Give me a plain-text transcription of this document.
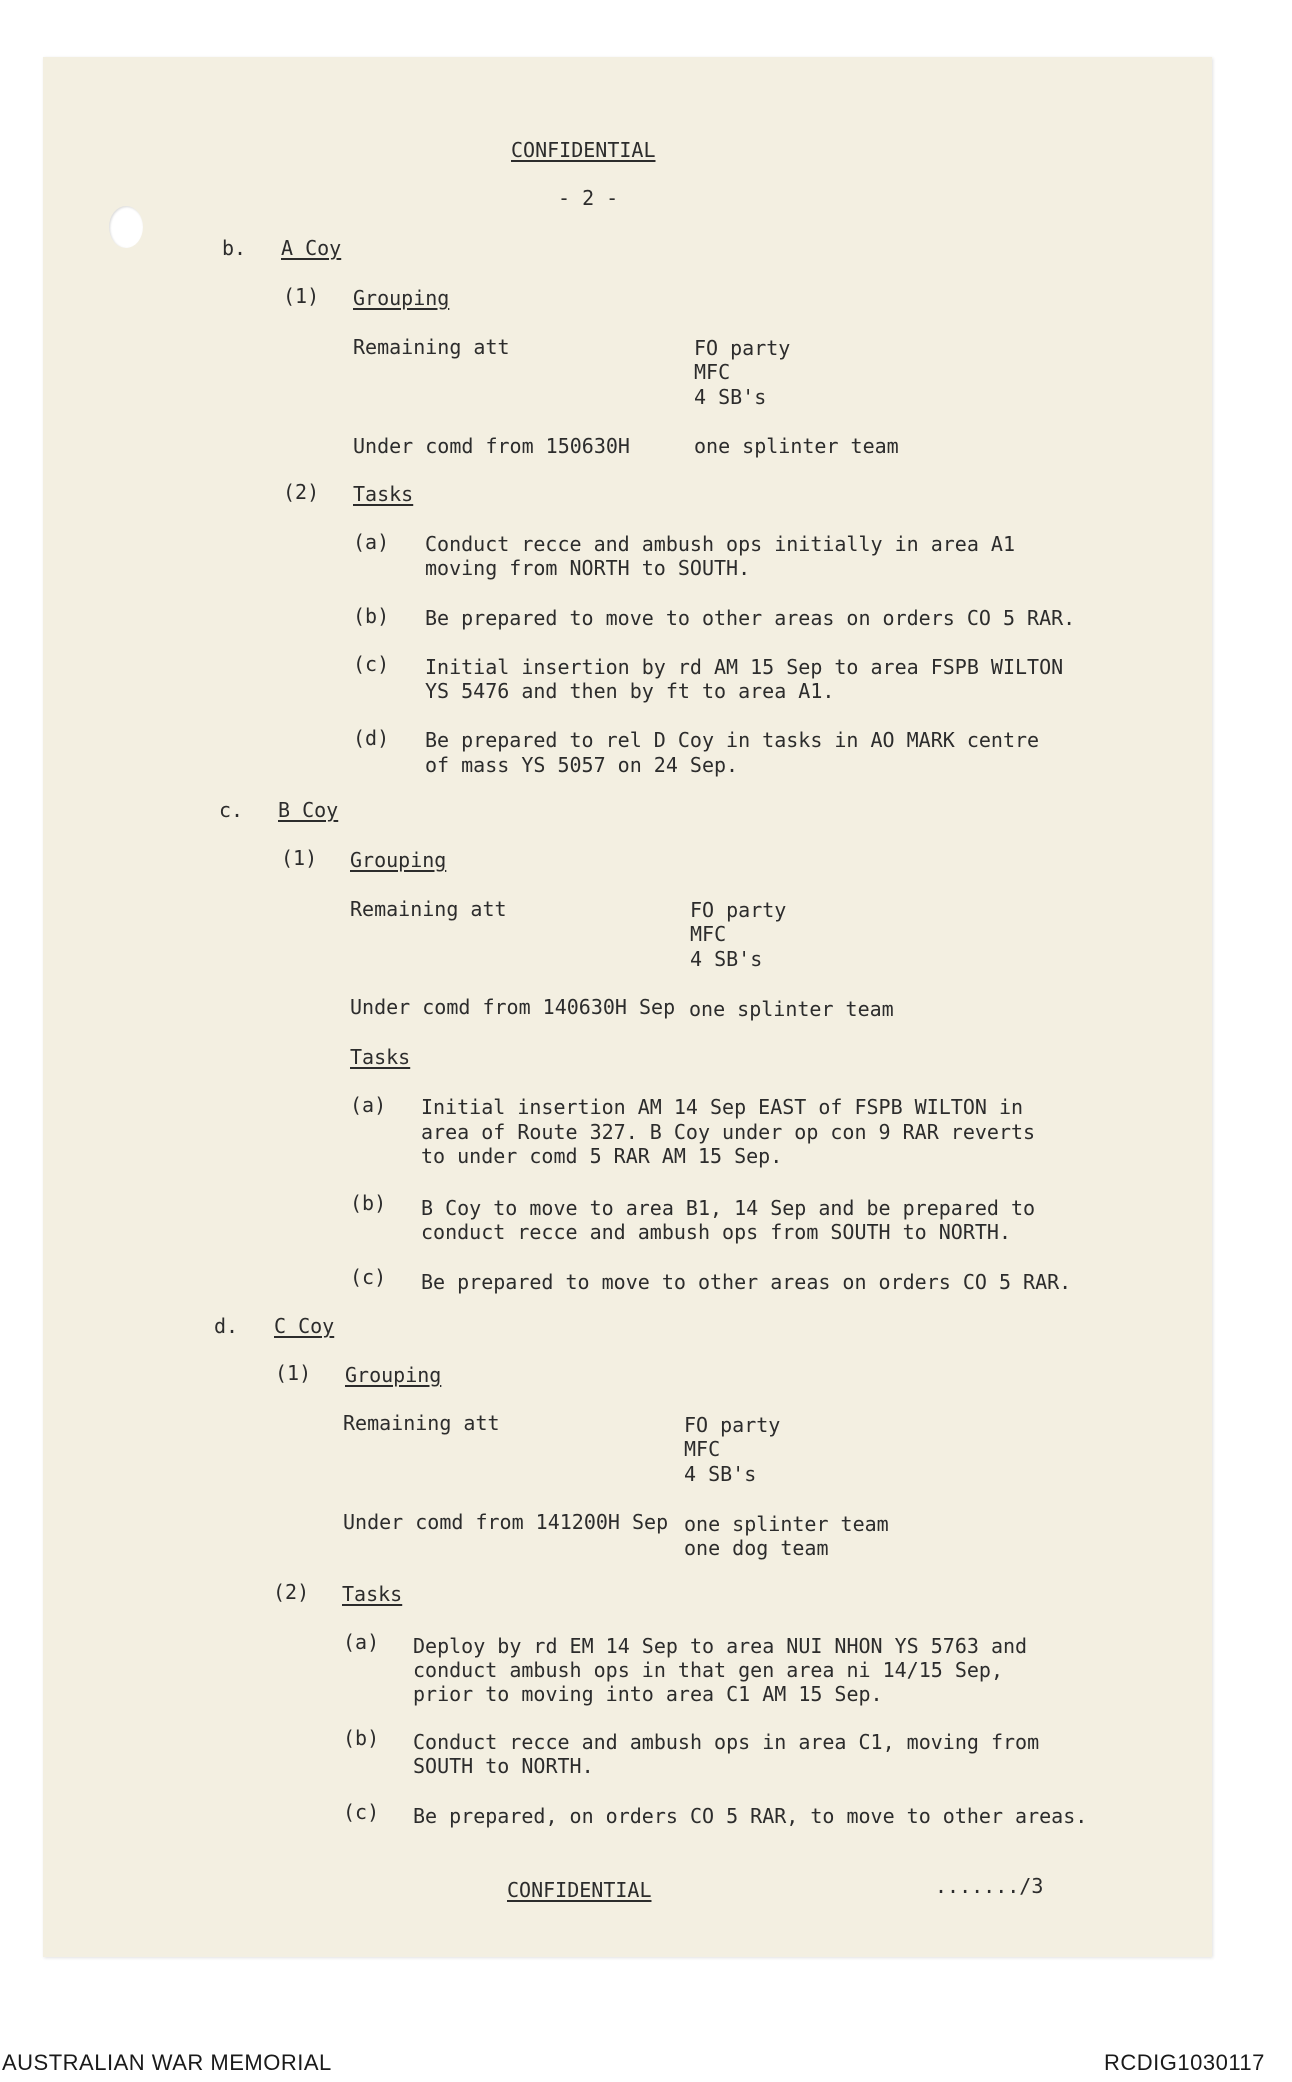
CONFIDENTIAL
- 2 -
b. A Coy
(1) Grouping
Remaining att	FO party
MFC
4 SB's
Under comd from 150630H	one splinter team
(2) Tasks
(a) Conduct recce and ambush ops initially in area A1
moving from NORTH to SOUTH.
(b) Be prepared to move to other areas on orders CO 5 RAR.
(c) Initial insertion by rd AM 15 Sep to area FSPB WILTON
YS 5476 and then by ft to area A1.
(d) Be prepared to rel D Coy in tasks in AO MARK centre
of mass YS 5057 on 24 Sep.
c. B Coy
(1) Grouping
Remaining att	FO party
MFC
4 SB's
Under comd from 140630H Sep one splinter team
Tasks
(a) Initial insertion AM 14 Sep EAST of FSPB WILTON in
area of Route 327. B Coy under op con 9 RAR reverts
to under comd 5 RAR AM 15 Sep.
(b) B Coy to move to area B1, 14 Sep and be prepared to
conduct recce and ambush ops from SOUTH to NORTH.
(c) Be prepared to move to other areas on orders CO 5 RAR.
d. C Coy
(1) Grouping
Remaining att	FO party
MFC
4 SB's
Under comd from 141200H Sep one splinter team
one dog team
(2) Tasks
(a) Deploy by rd EM 14 Sep to area NUI NHON YS 5763 and
conduct ambush ops in that gen area ni 14/15 Sep,
prior to moving into area C1 AM 15 Sep.
(b) Conduct recce and ambush ops in area C1, moving from
SOUTH to NORTH.
(c) Be prepared, on orders CO 5 RAR, to move to other areas.
CONFIDENTIAL	......./3
AUSTRALIAN WAR MEMORIAL	RCDIG1030117
